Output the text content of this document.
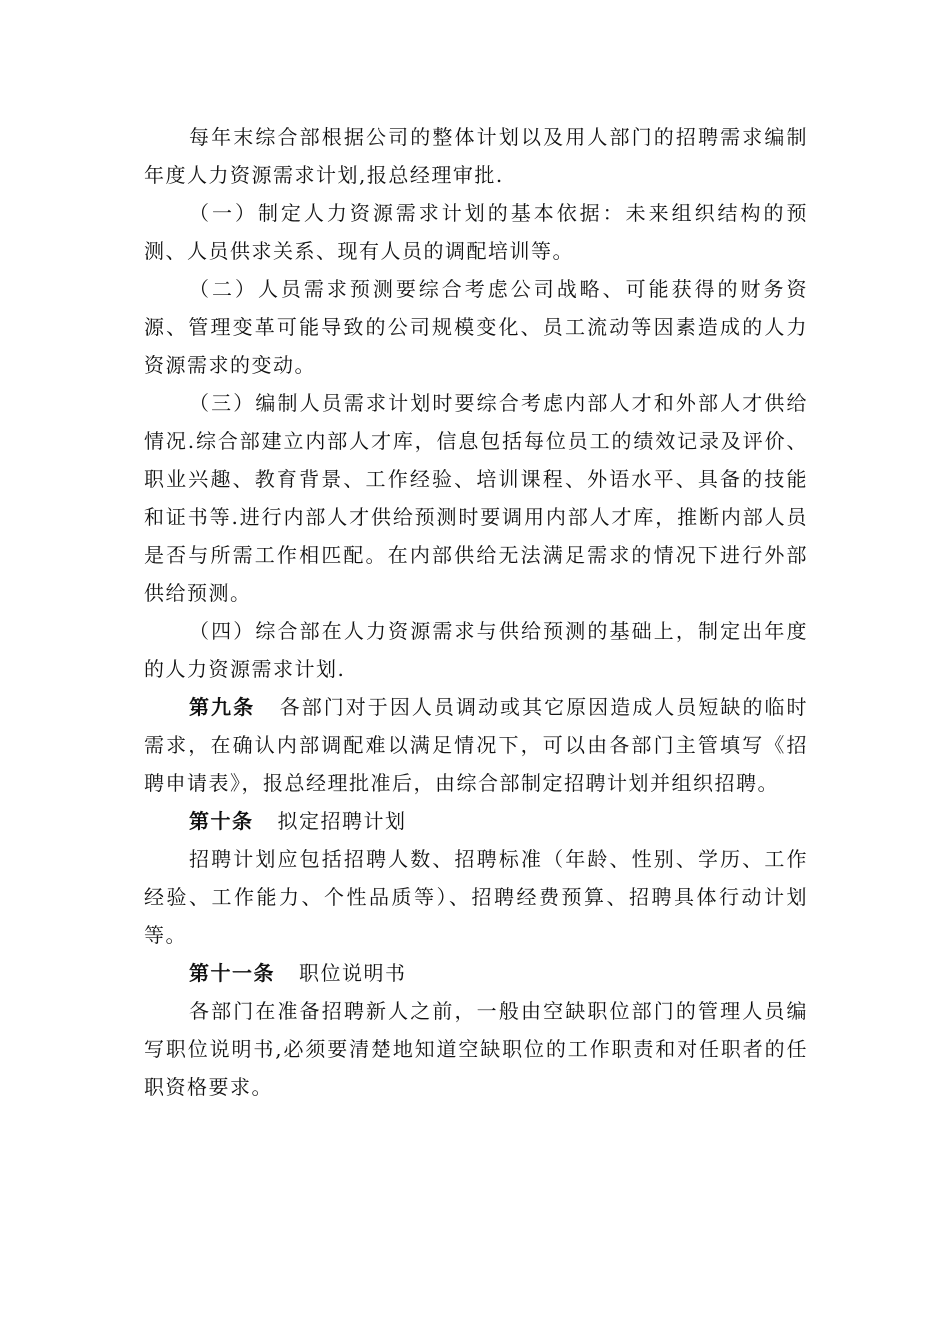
每年末综合部根据公司的整体计划以及用人部门的招聘需求编制年度人力资源需求计划,报总经理审批.

（一）制定人力资源需求计划的基本依据：未来组织结构的预测、人员供求关系、现有人员的调配培训等。

（二）人员需求预测要综合考虑公司战略、可能获得的财务资源、管理变革可能导致的公司规模变化、员工流动等因素造成的人力资源需求的变动。

（三）编制人员需求计划时要综合考虑内部人才和外部人才供给情况.综合部建立内部人才库，信息包括每位员工的绩效记录及评价、职业兴趣、教育背景、工作经验、培训课程、外语水平、具备的技能和证书等.进行内部人才供给预测时要调用内部人才库，推断内部人员是否与所需工作相匹配。在内部供给无法满足需求的情况下进行外部供给预测。

（四）综合部在人力资源需求与供给预测的基础上，制定出年度的人力资源需求计划.

第九条 各部门对于因人员调动或其它原因造成人员短缺的临时需求，在确认内部调配难以满足情况下，可以由各部门主管填写《招聘申请表》，报总经理批准后，由综合部制定招聘计划并组织招聘。

第十条 拟定招聘计划

招聘计划应包括招聘人数、招聘标准（年龄、性别、学历、工作经验、工作能力、个性品质等）、招聘经费预算、招聘具体行动计划等。

第十一条 职位说明书

各部门在准备招聘新人之前，一般由空缺职位部门的管理人员编写职位说明书,必须要清楚地知道空缺职位的工作职责和对任职者的任职资格要求。
